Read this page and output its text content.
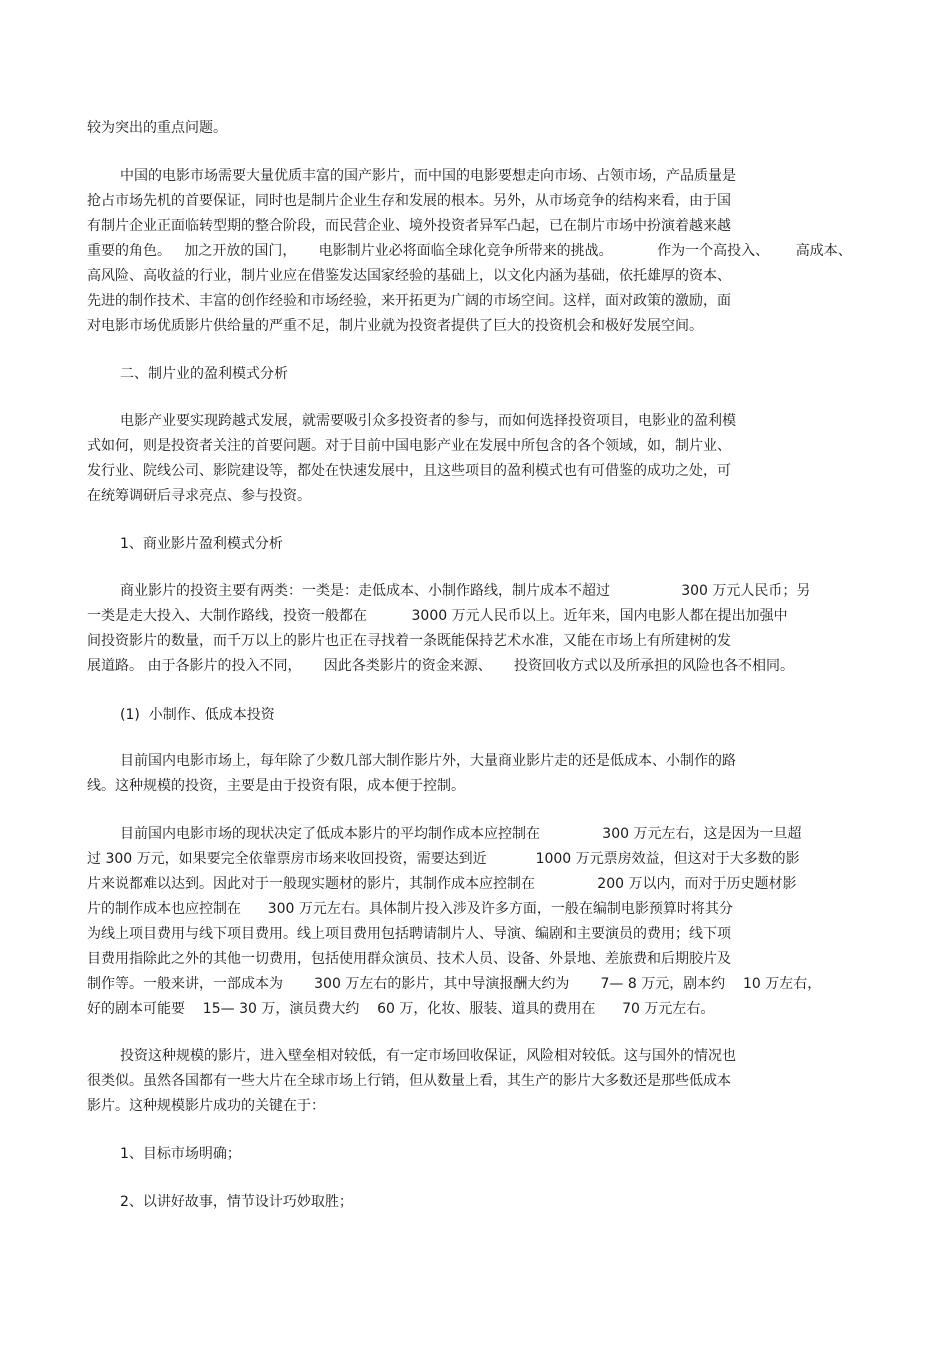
较为突出的重点问题。
中国的电影市场需要大量优质丰富的国产影片，而中国的电影要想走向市场、占领市场，产品质量是
抢占市场先机的首要保证，同时也是制片企业生存和发展的根本。另外，从市场竞争的结构来看，由于国
有制片企业正面临转型期的整合阶段，而民营企业、境外投资者异军凸起，已在制片市场中扮演着越来越
重要的角色。   加之开放的国门，     电影制片业必将面临全球化竞争所带来的挑战。          作为一个高投入、      高成本、
高风险、高收益的行业，制片业应在借鉴发达国家经验的基础上，以文化内涵为基础，依托雄厚的资本、
先进的制作技术、丰富的创作经验和市场经验，来开拓更为广阔的市场空间。这样，面对政策的激励，面
对电影市场优质影片供给量的严重不足，制片业就为投资者提供了巨大的投资机会和极好发展空间。
二、制片业的盈利模式分析
电影产业要实现跨越式发展，就需要吸引众多投资者的参与，而如何选择投资项目，电影业的盈利模
式如何，则是投资者关注的首要问题。对于目前中国电影产业在发展中所包含的各个领域，如，制片业、
发行业、院线公司、影院建设等，都处在快速发展中，且这些项目的盈利模式也有可借鉴的成功之处，可
在统筹调研后寻求亮点、参与投资。
1、商业影片盈利模式分析
商业影片的投资主要有两类：一类是：走低成本、小制作路线，制片成本不超过                300 万元人民币；另
一类是走大投入、大制作路线，投资一般都在          3000 万元人民币以上。近年来，国内电影人都在提出加强中
间投资影片的数量，而千万以上的影片也正在寻找着一条既能保持艺术水准，又能在市场上有所建树的发
展道路。 由于各影片的投入不同，     因此各类影片的资金来源、     投资回收方式以及所承担的风险也各不相同。
(1)  小制作、低成本投资
目前国内电影市场上，每年除了少数几部大制作影片外，大量商业影片走的还是低成本、小制作的路
线。这种规模的投资，主要是由于投资有限，成本便于控制。
目前国内电影市场的现状决定了低成本影片的平均制作成本应控制在              300 万元左右，这是因为一旦超
过 300 万元，如果要完全依靠票房市场来收回投资，需要达到近           1000 万元票房效益，但这对于大多数的影
片来说都难以达到。因此对于一般现实题材的影片，其制作成本应控制在              200 万以内，而对于历史题材影
片的制作成本也应控制在      300 万元左右。具体制片投入涉及许多方面，一般在编制电影预算时将其分
为线上项目费用与线下项目费用。线上项目费用包括聘请制片人、导演、编剧和主要演员的费用；线下项
目费用指除此之外的其他一切费用，包括使用群众演员、技术人员、设备、外景地、差旅费和后期胶片及
制作等。一般来讲，一部成本为       300 万左右的影片，其中导演报酬大约为       7— 8 万元，剧本约    10 万左右，
好的剧本可能要    15— 30 万，演员费大约    60 万，化妆、服装、道具的费用在      70 万元左右。
投资这种规模的影片，进入壁垒相对较低，有一定市场回收保证，风险相对较低。这与国外的情况也
很类似。虽然各国都有一些大片在全球市场上行销，但从数量上看，其生产的影片大多数还是那些低成本
影片。这种规模影片成功的关键在于：
1、目标市场明确；
2、以讲好故事，情节设计巧妙取胜；
